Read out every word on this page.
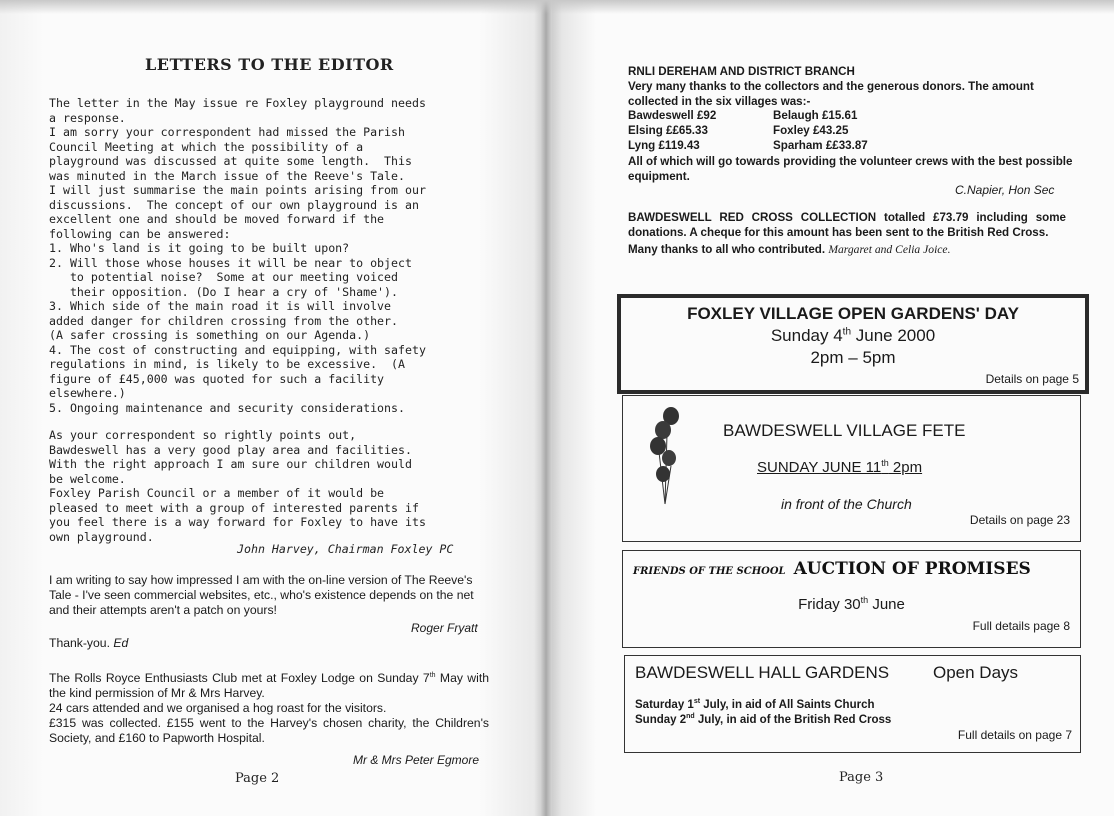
LETTERS TO THE EDITOR
The letter in the May issue re Foxley playground needs
a response.
I am sorry your correspondent had missed the Parish
Council Meeting at which the possibility of a
playground was discussed at quite some length.  This
was minuted in the March issue of the Reeve's Tale.
I will just summarise the main points arising from our
discussions.  The concept of our own playground is an
excellent one and should be moved forward if the
following can be answered:
1. Who's land is it going to be built upon?
2. Will those whose houses it will be near to object
to potential noise?  Some at our meeting voiced
their opposition. (Do I hear a cry of 'Shame').
3. Which side of the main road it is will involve
added danger for children crossing from the other.
(A safer crossing is something on our Agenda.)
4. The cost of constructing and equipping, with safety
regulations in mind, is likely to be excessive.  (A
figure of £45,000 was quoted for such a facility
elsewhere.)
5. Ongoing maintenance and security considerations.
As your correspondent so rightly points out,
Bawdeswell has a very good play area and facilities.
With the right approach I am sure our children would
be welcome.
Foxley Parish Council or a member of it would be
pleased to meet with a group of interested parents if
you feel there is a way forward for Foxley to have its
own playground.
John Harvey, Chairman Foxley PC
I am writing to say how impressed I am with the on-line version of The Reeve's Tale - I've seen commercial websites, etc., who's existence depends on the net and their attempts aren't a patch on yours!
Roger Fryatt
Thank-you. Ed
The Rolls Royce Enthusiasts Club met at Foxley Lodge on Sunday 7th May with the kind permission of Mr & Mrs Harvey.
24 cars attended and we organised a hog roast for the visitors.
£315 was collected. £155 went to the Harvey's chosen charity, the Children's Society, and £160 to Papworth Hospital.
Mr & Mrs Peter Egmore
Page 2
RNLI DEREHAM AND DISTRICT BRANCH
Very many thanks to the collectors and the generous donors. The amount collected in the six villages was:-
Bawdeswell £92	Belaugh £15.61
Elsing ££65.33	Foxley £43.25
Lyng £119.43	Sparham ££33.87
All of which will go towards providing the volunteer crews with the best possible equipment.
C.Napier, Hon Sec
BAWDESWELL RED CROSS COLLECTION totalled £73.79 including some donations. A cheque for this amount has been sent to the British Red Cross.
Many thanks to all who contributed. Margaret and Celia Joice.
FOXLEY VILLAGE OPEN GARDENS' DAY
Sunday 4th June 2000
2pm – 5pm
Details on page 5
BAWDESWELL VILLAGE FETE
SUNDAY JUNE 11th 2pm
in front of the Church
Details on page 23
FRIENDS OF THE SCHOOL AUCTION OF PROMISES
Friday 30th June
Full details page 8
BAWDESWELL HALL GARDENS	Open Days
Saturday 1st July, in aid of All Saints Church
Sunday 2nd July, in aid of the British Red Cross
Full details on page 7
Page 3
